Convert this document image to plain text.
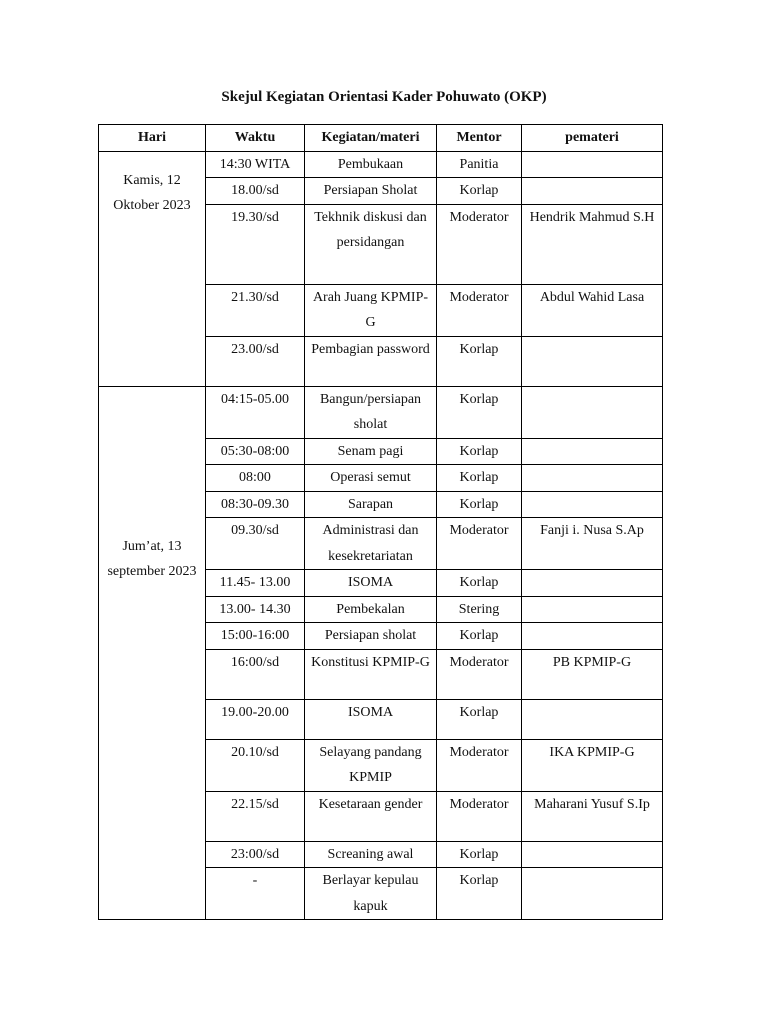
Skejul Kegiatan Orientasi Kader Pohuwato (OKP)
Hari	Waktu	Kegiatan/materi	Mentor	pemateri
Kamis, 12 Oktober 2023	14:30 WITA	Pembukaan	Panitia	
	18.00/sd	Persiapan Sholat	Korlap	
	19.30/sd	Tekhnik diskusi dan persidangan	Moderator	Hendrik Mahmud S.H
	21.30/sd	Arah Juang KPMIP-G	Moderator	Abdul Wahid Lasa
	23.00/sd	Pembagian password	Korlap	
Jum’at, 13 september 2023	04:15-05.00	Bangun/persiapan sholat	Korlap	
	05:30-08:00	Senam pagi	Korlap	
	08:00	Operasi semut	Korlap	
	08:30-09.30	Sarapan	Korlap	
	09.30/sd	Administrasi dan kesekretariatan	Moderator	Fanji i. Nusa S.Ap
	11.45- 13.00	ISOMA	Korlap	
	13.00- 14.30	Pembekalan	Stering	
	15:00-16:00	Persiapan sholat	Korlap	
	16:00/sd	Konstitusi KPMIP-G	Moderator	PB KPMIP-G
	19.00-20.00	ISOMA	Korlap	
	20.10/sd	Selayang pandang KPMIP	Moderator	IKA KPMIP-G
	22.15/sd	Kesetaraan gender	Moderator	Maharani Yusuf S.Ip
	23:00/sd	Screaning awal	Korlap	
	-	Berlayar kepulau kapuk	Korlap	
